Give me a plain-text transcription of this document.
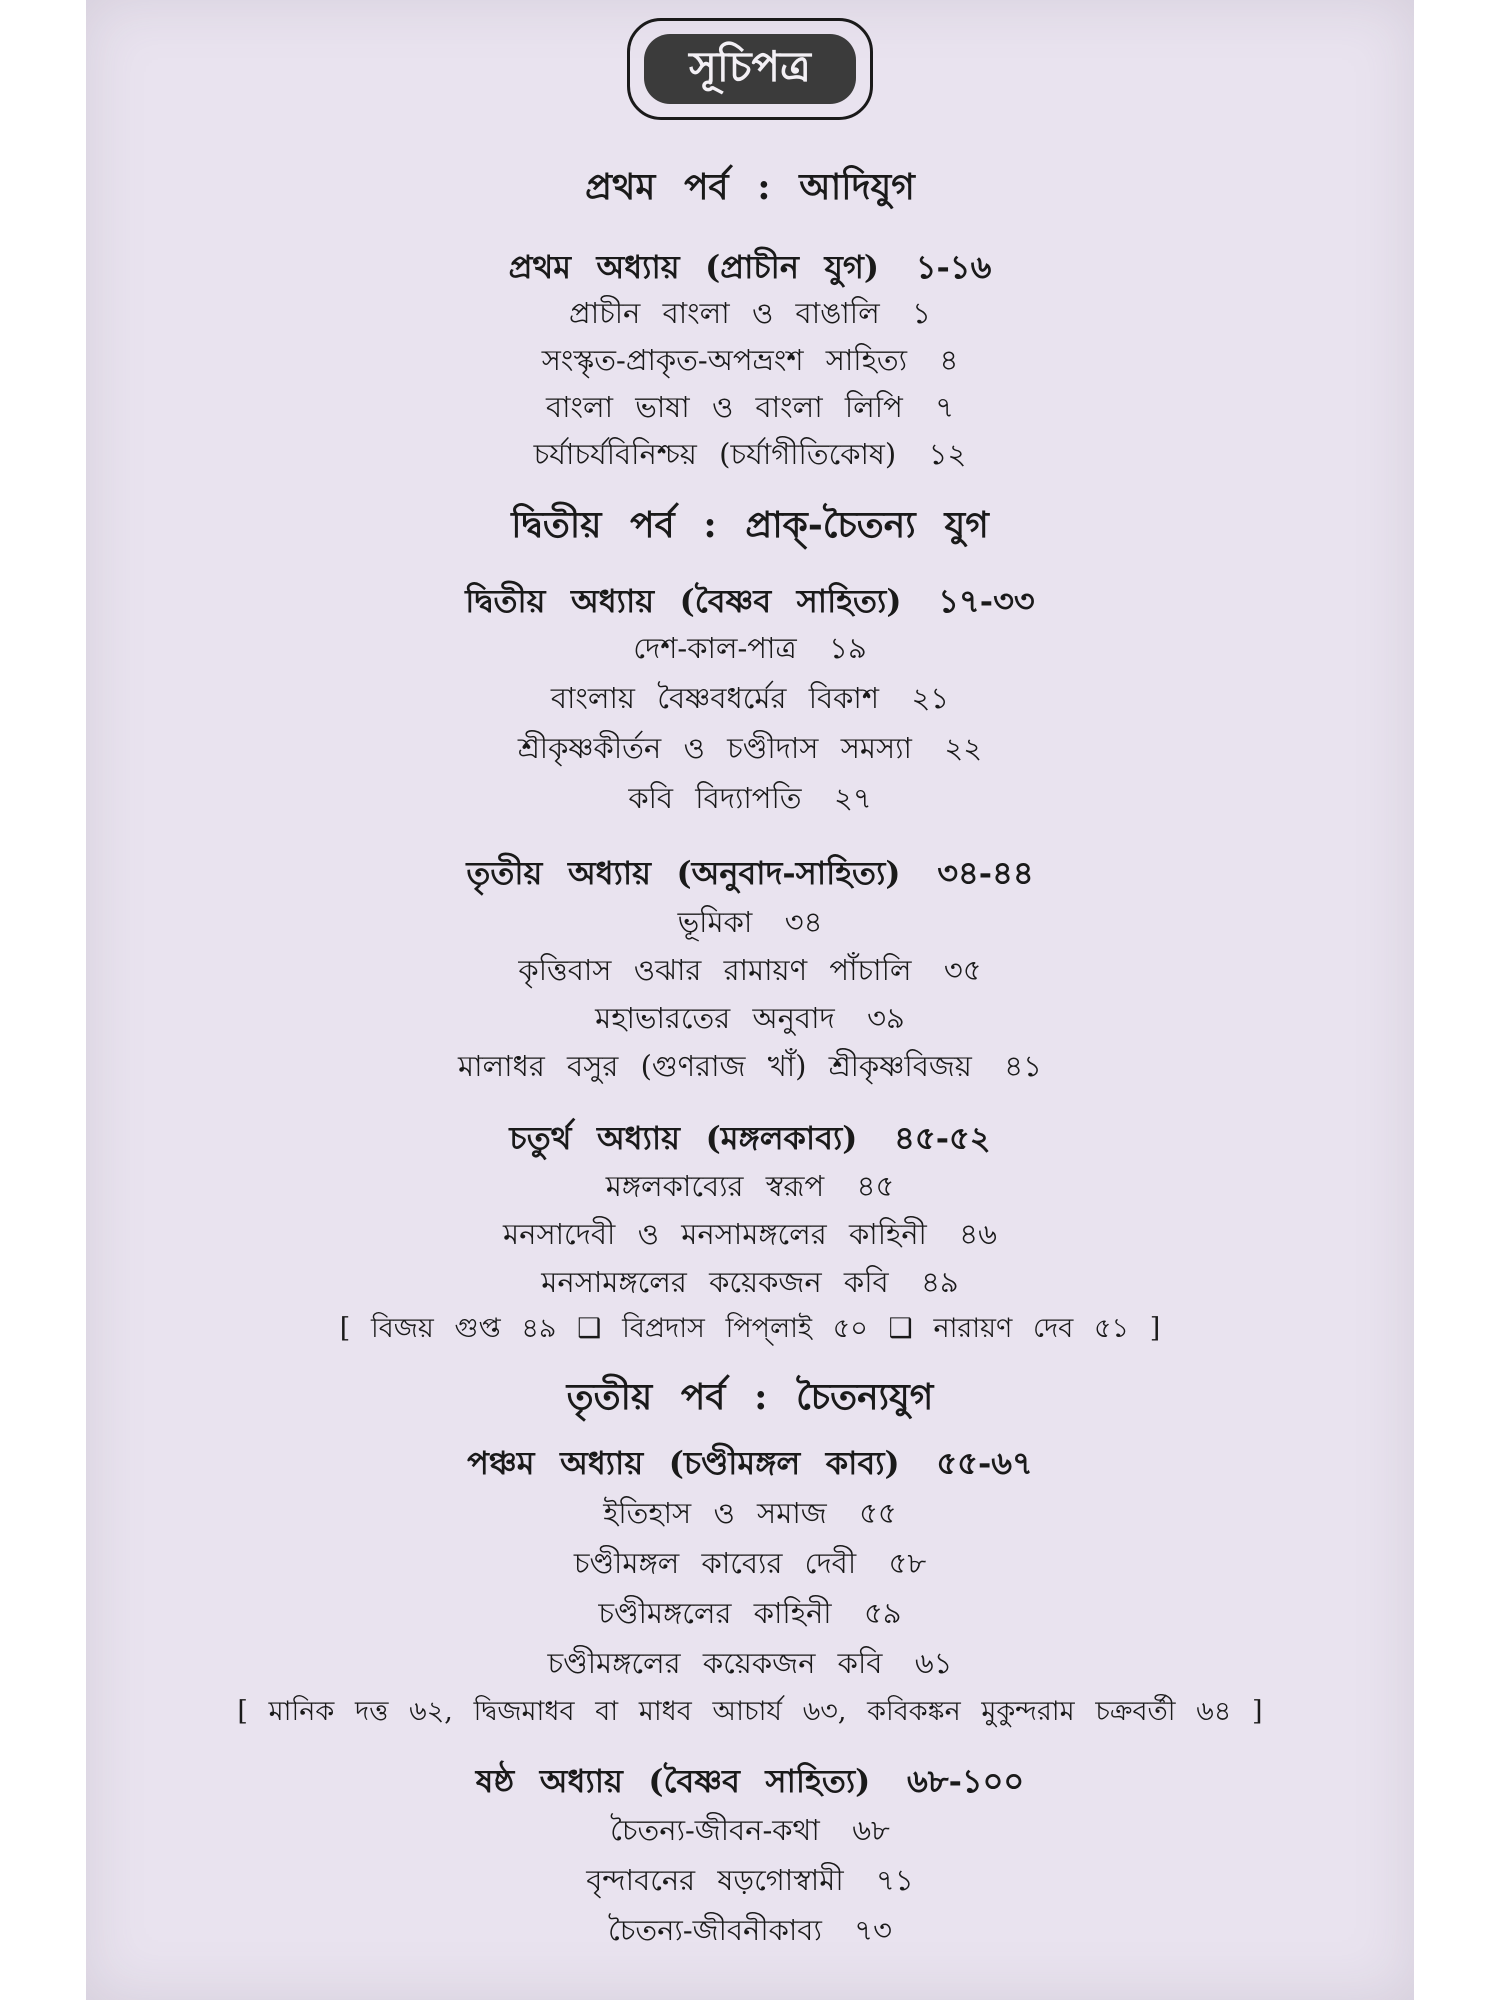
সূচিপত্র
প্রথম পর্ব : আদিযুগ
প্রথম অধ্যায় (প্রাচীন যুগ) ১-১৬
প্রাচীন বাংলা ও বাঙালি ১
সংস্কৃত-প্রাকৃত-অপভ্রংশ সাহিত্য ৪
বাংলা ভাষা ও বাংলা লিপি ৭
চর্যাচর্যবিনিশ্চয় (চর্যাগীতিকোষ) ১২
দ্বিতীয় পর্ব : প্রাক্-চৈতন্য যুগ
দ্বিতীয় অধ্যায় (বৈষ্ণব সাহিত্য) ১৭-৩৩
দেশ-কাল-পাত্র ১৯
বাংলায় বৈষ্ণবধর্মের বিকাশ ২১
শ্রীকৃষ্ণকীর্তন ও চণ্ডীদাস সমস্যা ২২
কবি বিদ্যাপতি ২৭
তৃতীয় অধ্যায় (অনুবাদ-সাহিত্য) ৩৪-৪৪
ভূমিকা ৩৪
কৃত্তিবাস ওঝার রামায়ণ পাঁচালি ৩৫
মহাভারতের অনুবাদ ৩৯
মালাধর বসুর (গুণরাজ খাঁ) শ্রীকৃষ্ণবিজয় ৪১
চতুর্থ অধ্যায় (মঙ্গলকাব্য) ৪৫-৫২
মঙ্গলকাব্যের স্বরূপ ৪৫
মনসাদেবী ও মনসামঙ্গলের কাহিনী ৪৬
মনসামঙ্গলের কয়েকজন কবি ৪৯
[ বিজয় গুপ্ত ৪৯ ❑ বিপ্রদাস পিপ্‌লাই ৫০ ❑ নারায়ণ দেব ৫১ ]
তৃতীয় পর্ব : চৈতন্যযুগ
পঞ্চম অধ্যায় (চণ্ডীমঙ্গল কাব্য) ৫৫-৬৭
ইতিহাস ও সমাজ ৫৫
চণ্ডীমঙ্গল কাব্যের দেবী ৫৮
চণ্ডীমঙ্গলের কাহিনী ৫৯
চণ্ডীমঙ্গলের কয়েকজন কবি ৬১
[ মানিক দত্ত ৬২, দ্বিজমাধব বা মাধব আচার্য ৬৩, কবিকঙ্কন মুকুন্দরাম চক্রবর্তী ৬৪ ]
ষষ্ঠ অধ্যায় (বৈষ্ণব সাহিত্য) ৬৮-১০০
চৈতন্য-জীবন-কথা ৬৮
বৃন্দাবনের ষড়গোস্বামী ৭১
চৈতন্য-জীবনীকাব্য ৭৩
